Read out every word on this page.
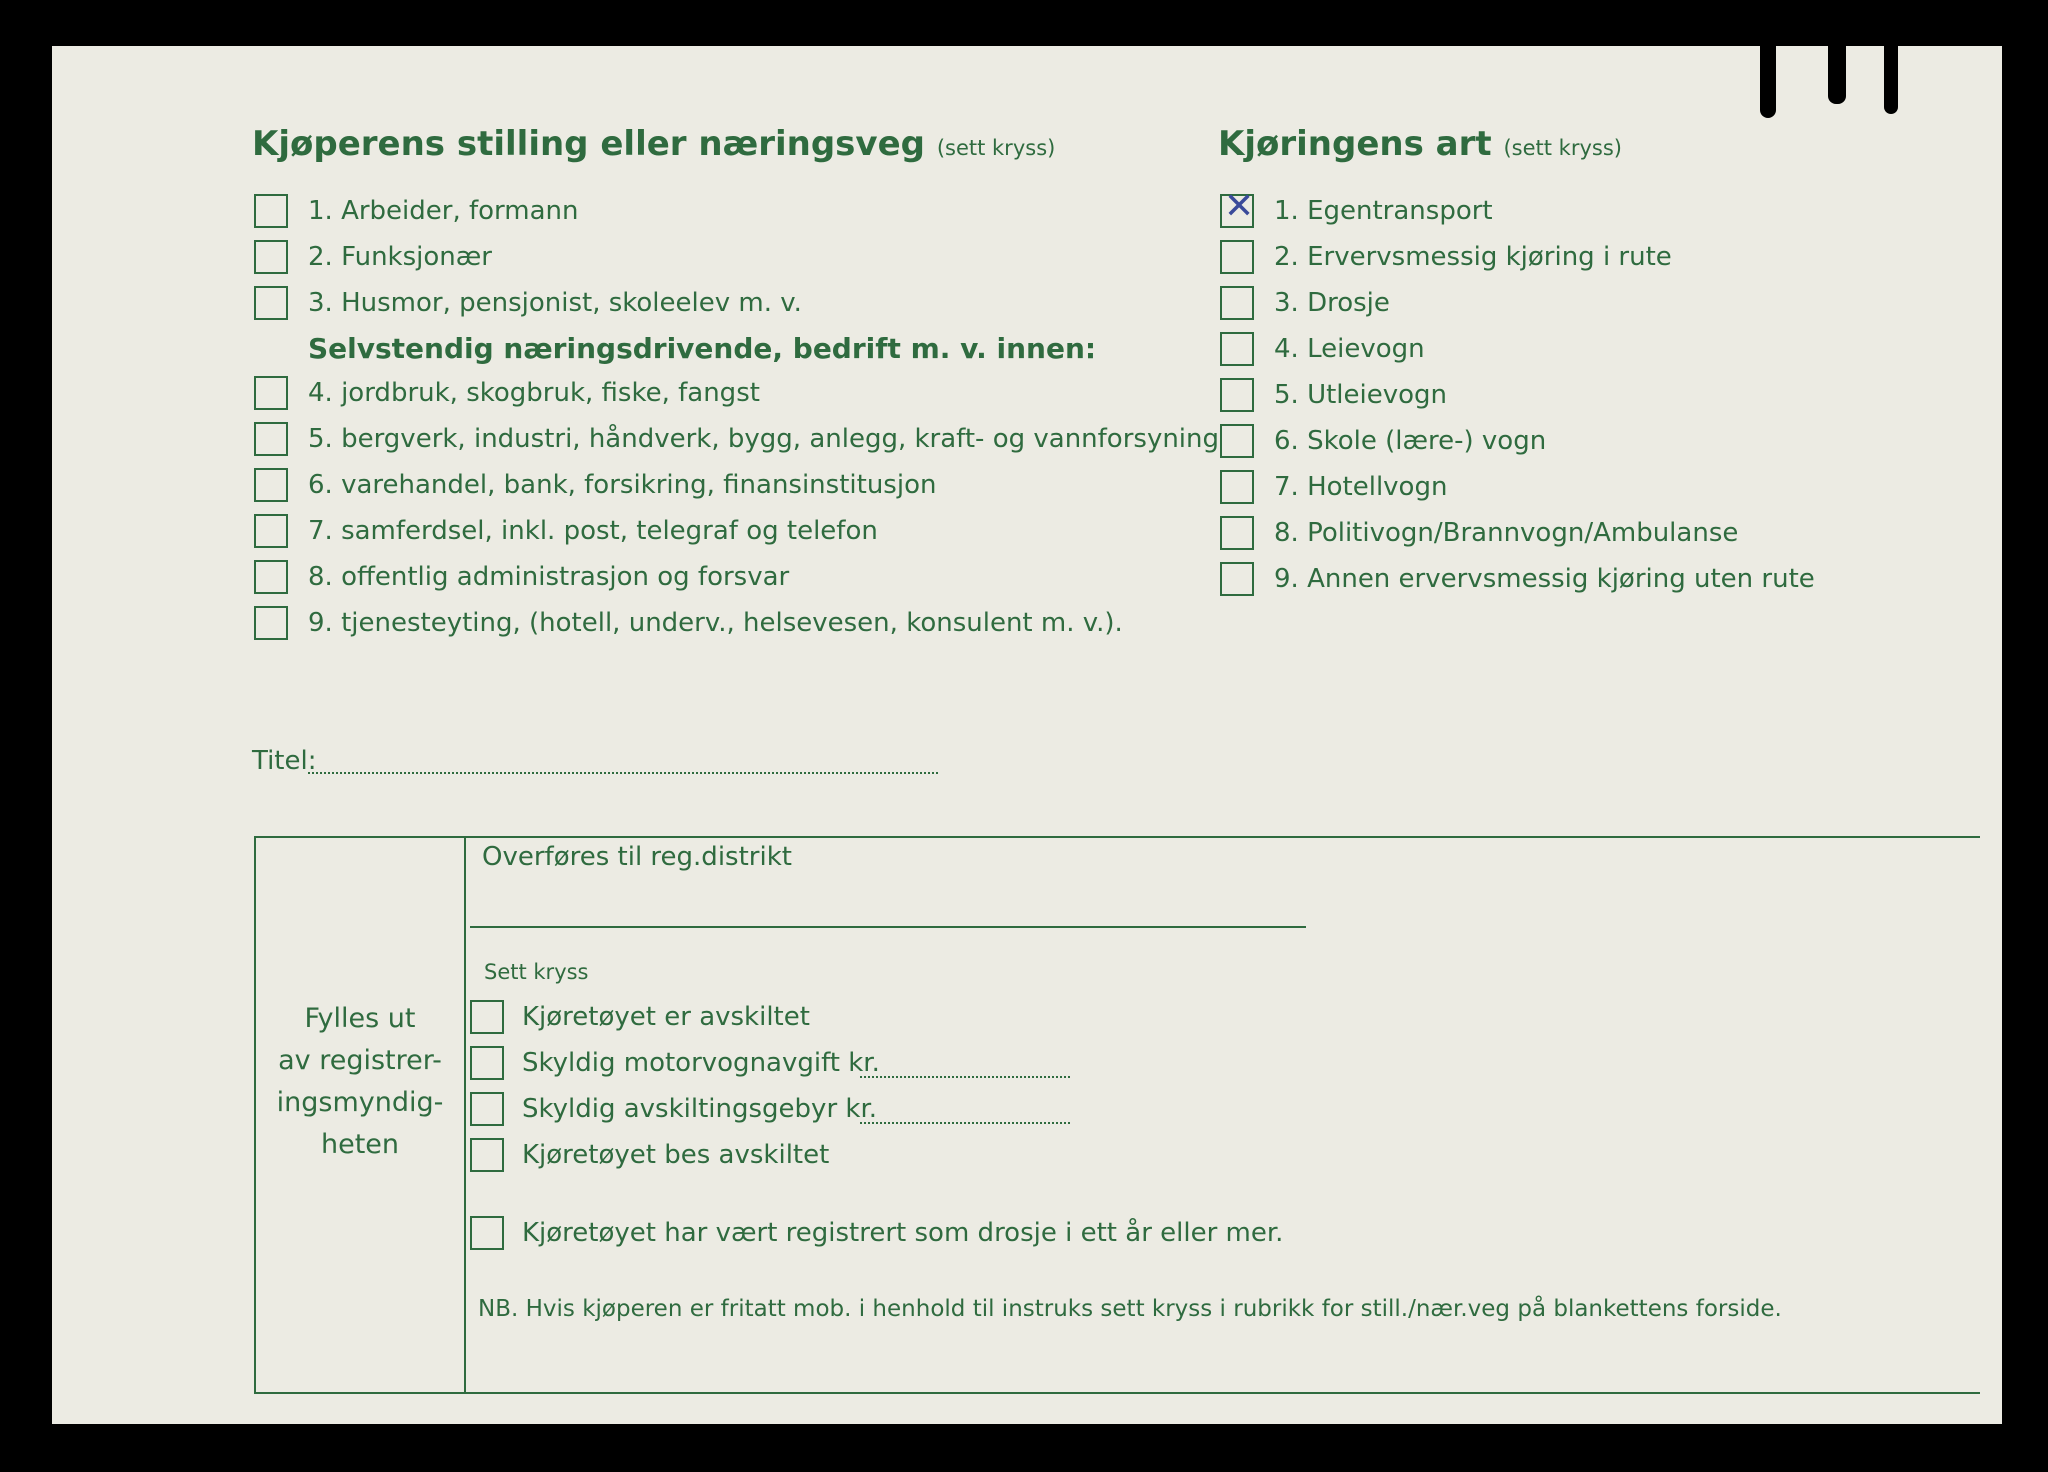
Kjøperens stilling eller næringsveg (sett kryss)
1. Arbeider, formann
2. Funksjonær
3. Husmor, pensjonist, skoleelev m. v.
Selvstendig næringsdrivende, bedrift m. v. innen:
4. jordbruk, skogbruk, fiske, fangst
5. bergverk, industri, håndverk, bygg, anlegg, kraft- og vannforsyning
6. varehandel, bank, forsikring, finansinstitusjon
7. samferdsel, inkl. post, telegraf og telefon
8. offentlig administrasjon og forsvar
9. tjenesteyting, (hotell, underv., helsevesen, konsulent m. v.).
Titel:
Kjøringens art (sett kryss)
✕
1. Egentransport
2. Ervervsmessig kjøring i rute
3. Drosje
4. Leievogn
5. Utleievogn
6. Skole (lære-) vogn
7. Hotellvogn
8. Politivogn/Brannvogn/Ambulanse
9. Annen ervervsmessig kjøring uten rute
Fylles ut
av registrer-
ingsmyndig-
heten
Overføres til reg.distrikt
Sett kryss
Kjøretøyet er avskiltet
Skyldig motorvognavgift kr.
Skyldig avskiltingsgebyr kr.
Kjøretøyet bes avskiltet
Kjøretøyet har vært registrert som drosje i ett år eller mer.
NB. Hvis kjøperen er fritatt mob. i henhold til instruks sett kryss i rubrikk for still./nær.veg på blankettens forside.
